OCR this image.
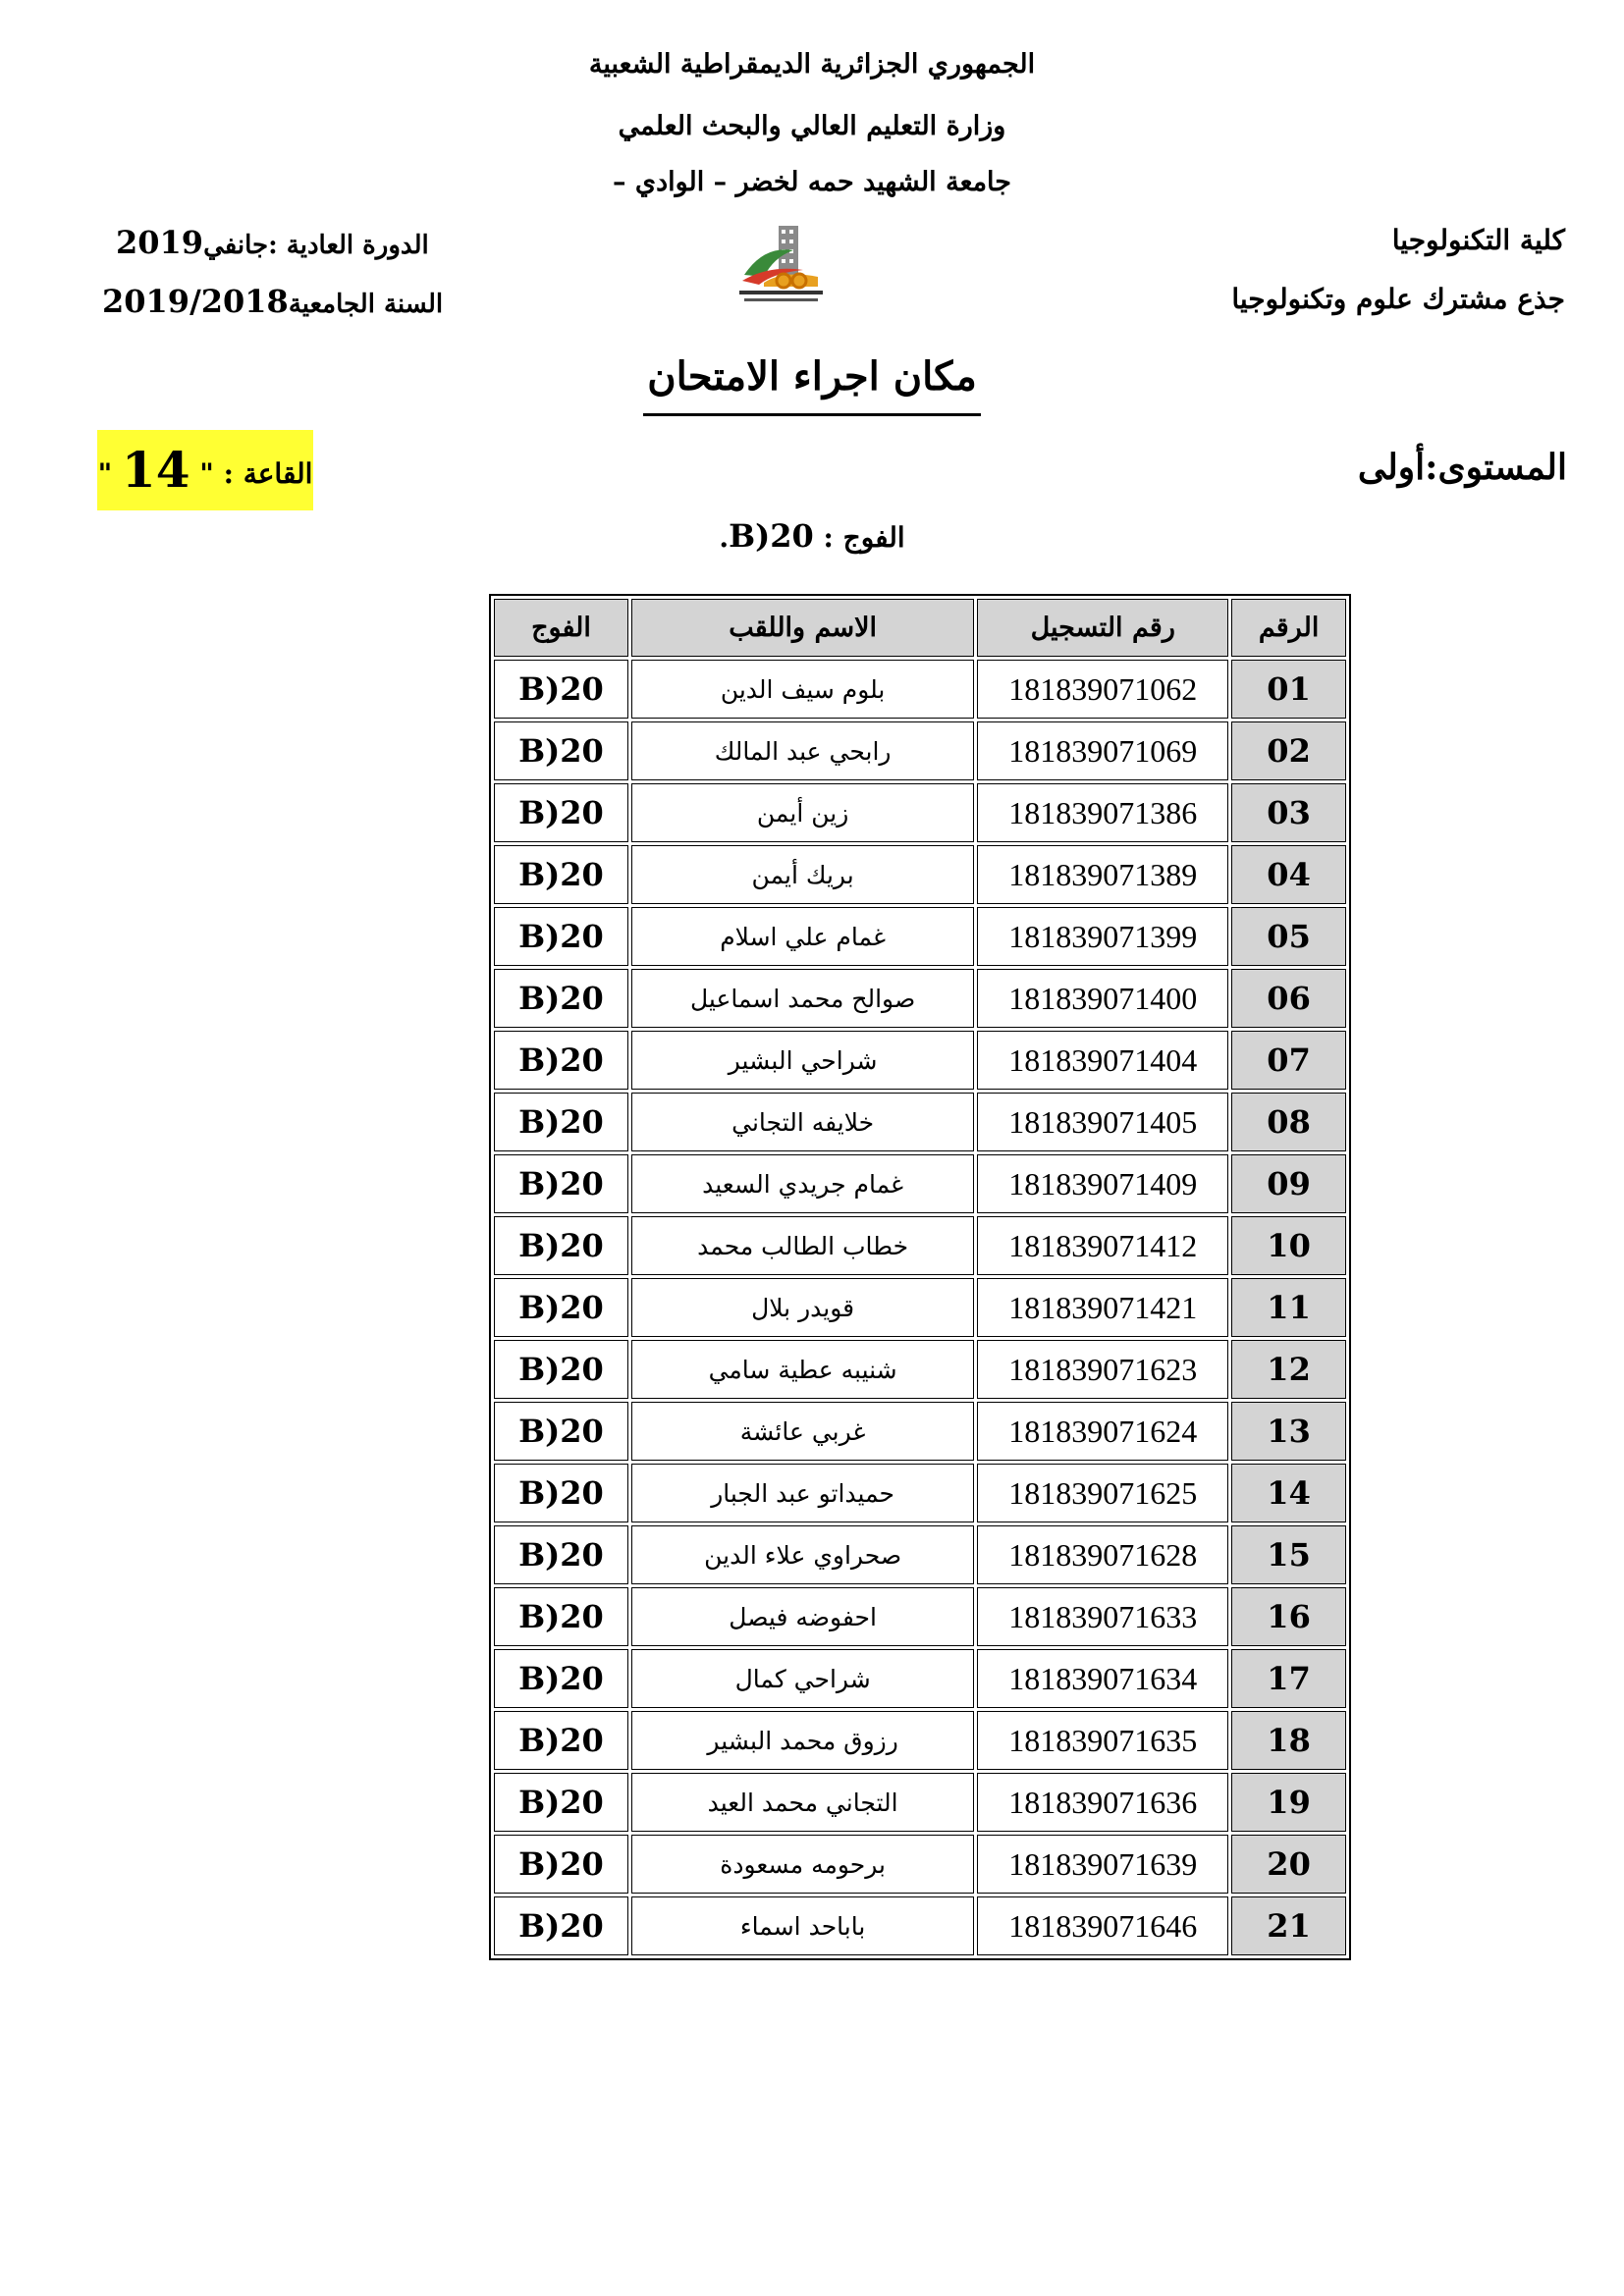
الجمهوري الجزائرية الديمقراطية الشعبية
وزارة التعليم العالي والبحث العلمي
جامعة الشهيد حمه لخضر – الوادي –
كلية التكنولوجيا
جذع مشترك علوم وتكنولوجيا
الدورة العادية :جانفي2019
السنة الجامعية2019/2018
مكان اجراء الامتحان
القاعة : " 14 "	المستوى:أولى
الفوج : B)20.
الرقم	رقم التسجيل	الاسم واللقب	الفوج
01	181839071062	بلوم سيف الدين	B)20
02	181839071069	رابحي عبد المالك	B)20
03	181839071386	زين أيمن	B)20
04	181839071389	بريك أيمن	B)20
05	181839071399	غمام علي اسلام	B)20
06	181839071400	صوالح محمد اسماعيل	B)20
07	181839071404	شراحي البشير	B)20
08	181839071405	خلايفه التجاني	B)20
09	181839071409	غمام جريدي السعيد	B)20
10	181839071412	خطاب الطالب محمد	B)20
11	181839071421	قويدر بلال	B)20
12	181839071623	شنيبه عطية سامي	B)20
13	181839071624	غربي عائشة	B)20
14	181839071625	حميداتو عبد الجبار	B)20
15	181839071628	صحراوي علاء الدين	B)20
16	181839071633	احفوضه فيصل	B)20
17	181839071634	شراحي كمال	B)20
18	181839071635	رزوق محمد البشير	B)20
19	181839071636	التجاني محمد العيد	B)20
20	181839071639	برحومه مسعودة	B)20
21	181839071646	باباحد اسماء	B)20
